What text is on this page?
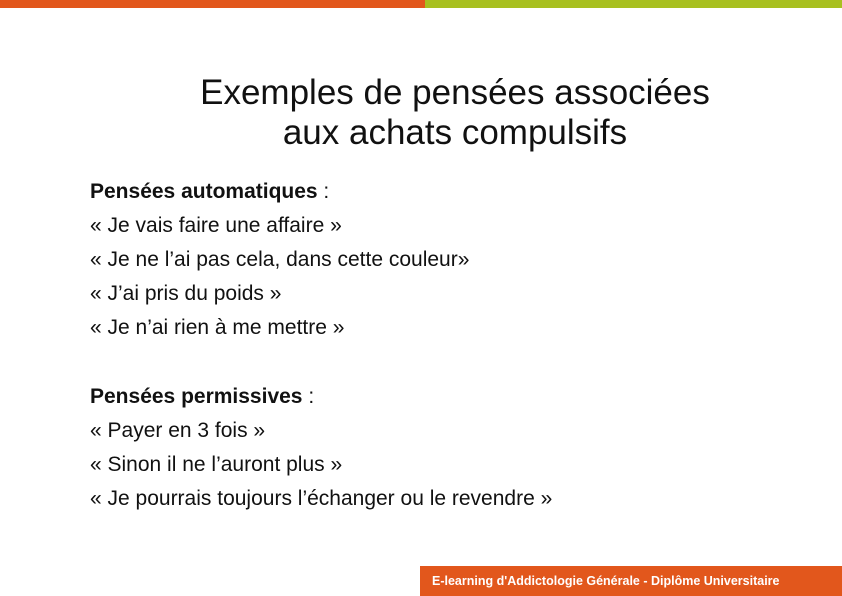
Exemples de pensées associées
aux achats compulsifs
Pensées automatiques :
« Je vais faire une affaire »
« Je ne l’ai pas cela, dans cette couleur»
« J’ai pris du poids »
« Je n’ai rien à me mettre »
Pensées permissives :
« Payer en 3 fois »
« Sinon il ne l’auront plus »
« Je pourrais toujours l’échanger ou le revendre »
E-learning d'Addictologie Générale - Diplôme Universitaire
